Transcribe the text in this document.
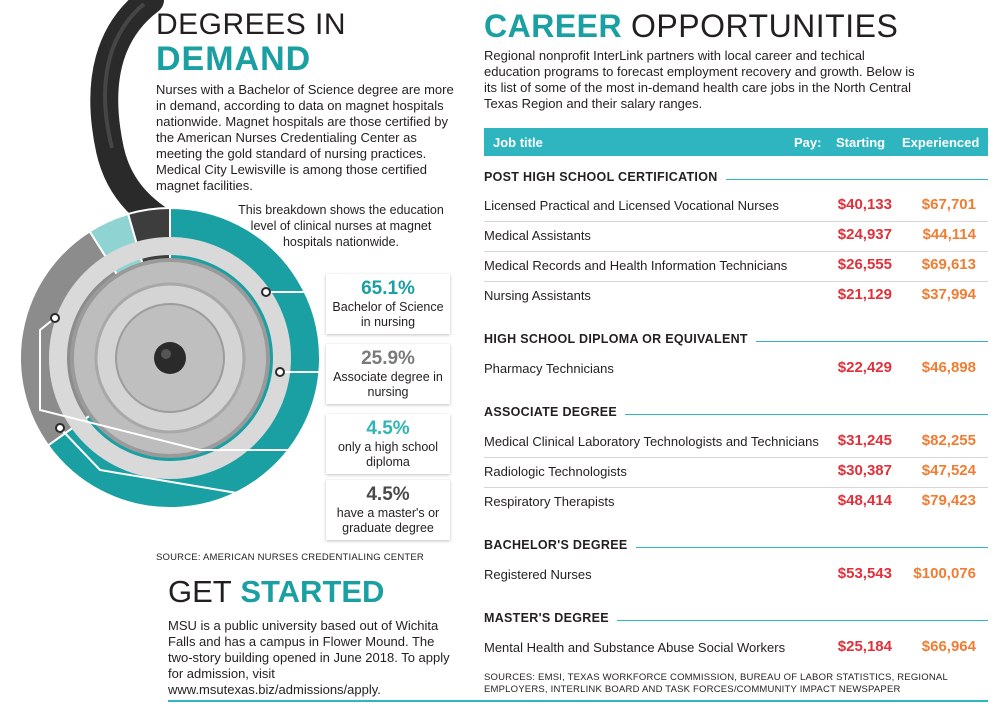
DEGREES IN
DEMAND

Nurses with a Bachelor of Science degree are more in demand, according to data on magnet hospitals nationwide. Magnet hospitals are those certified by the American Nurses Credentialing Center as meeting the gold standard of nursing practices. Medical City Lewisville is among those certified magnet facilities.

This breakdown shows the education level of clinical nurses at magnet hospitals nationwide.

65.1%
Bachelor of Science in nursing
25.9%
Associate degree in nursing
4.5%
only a high school diploma
4.5%
have a master's or graduate degree

SOURCE: AMERICAN NURSES CREDENTIALING CENTER

GET STARTED

MSU is a public university based out of Wichita Falls and has a campus in Flower Mound. The two-story building opened in June 2018. To apply for admission, visit www.msutexas.biz/admissions/apply.

CAREER OPPORTUNITIES

Regional nonprofit InterLink partners with local career and techical education programs to forecast employment recovery and growth. Below is its list of some of the most in-demand health care jobs in the North Central Texas Region and their salary ranges.

Job title	Pay: Starting Experienced
POST HIGH SCHOOL CERTIFICATION
Licensed Practical and Licensed Vocational Nurses	$40,133 $67,701
Medical Assistants	$24,937 $44,114
Medical Records and Health Information Technicians	$26,555 $69,613
Nursing Assistants	$21,129 $37,994
HIGH SCHOOL DIPLOMA OR EQUIVALENT
Pharmacy Technicians	$22,429 $46,898
ASSOCIATE DEGREE
Medical Clinical Laboratory Technologists and Technicians $31,245 $82,255
Radiologic Technologists	$30,387 $47,524
Respiratory Therapists	$48,414 $79,423
BACHELOR'S DEGREE
Registered Nurses	$53,543 $100,076
MASTER'S DEGREE
Mental Health and Substance Abuse Social Workers	$25,184 $66,964

SOURCES: EMSI, TEXAS WORKFORCE COMMISSION, BUREAU OF LABOR STATISTICS, REGIONAL EMPLOYERS, INTERLINK BOARD AND TASK FORCES/COMMUNITY IMPACT NEWSPAPER
